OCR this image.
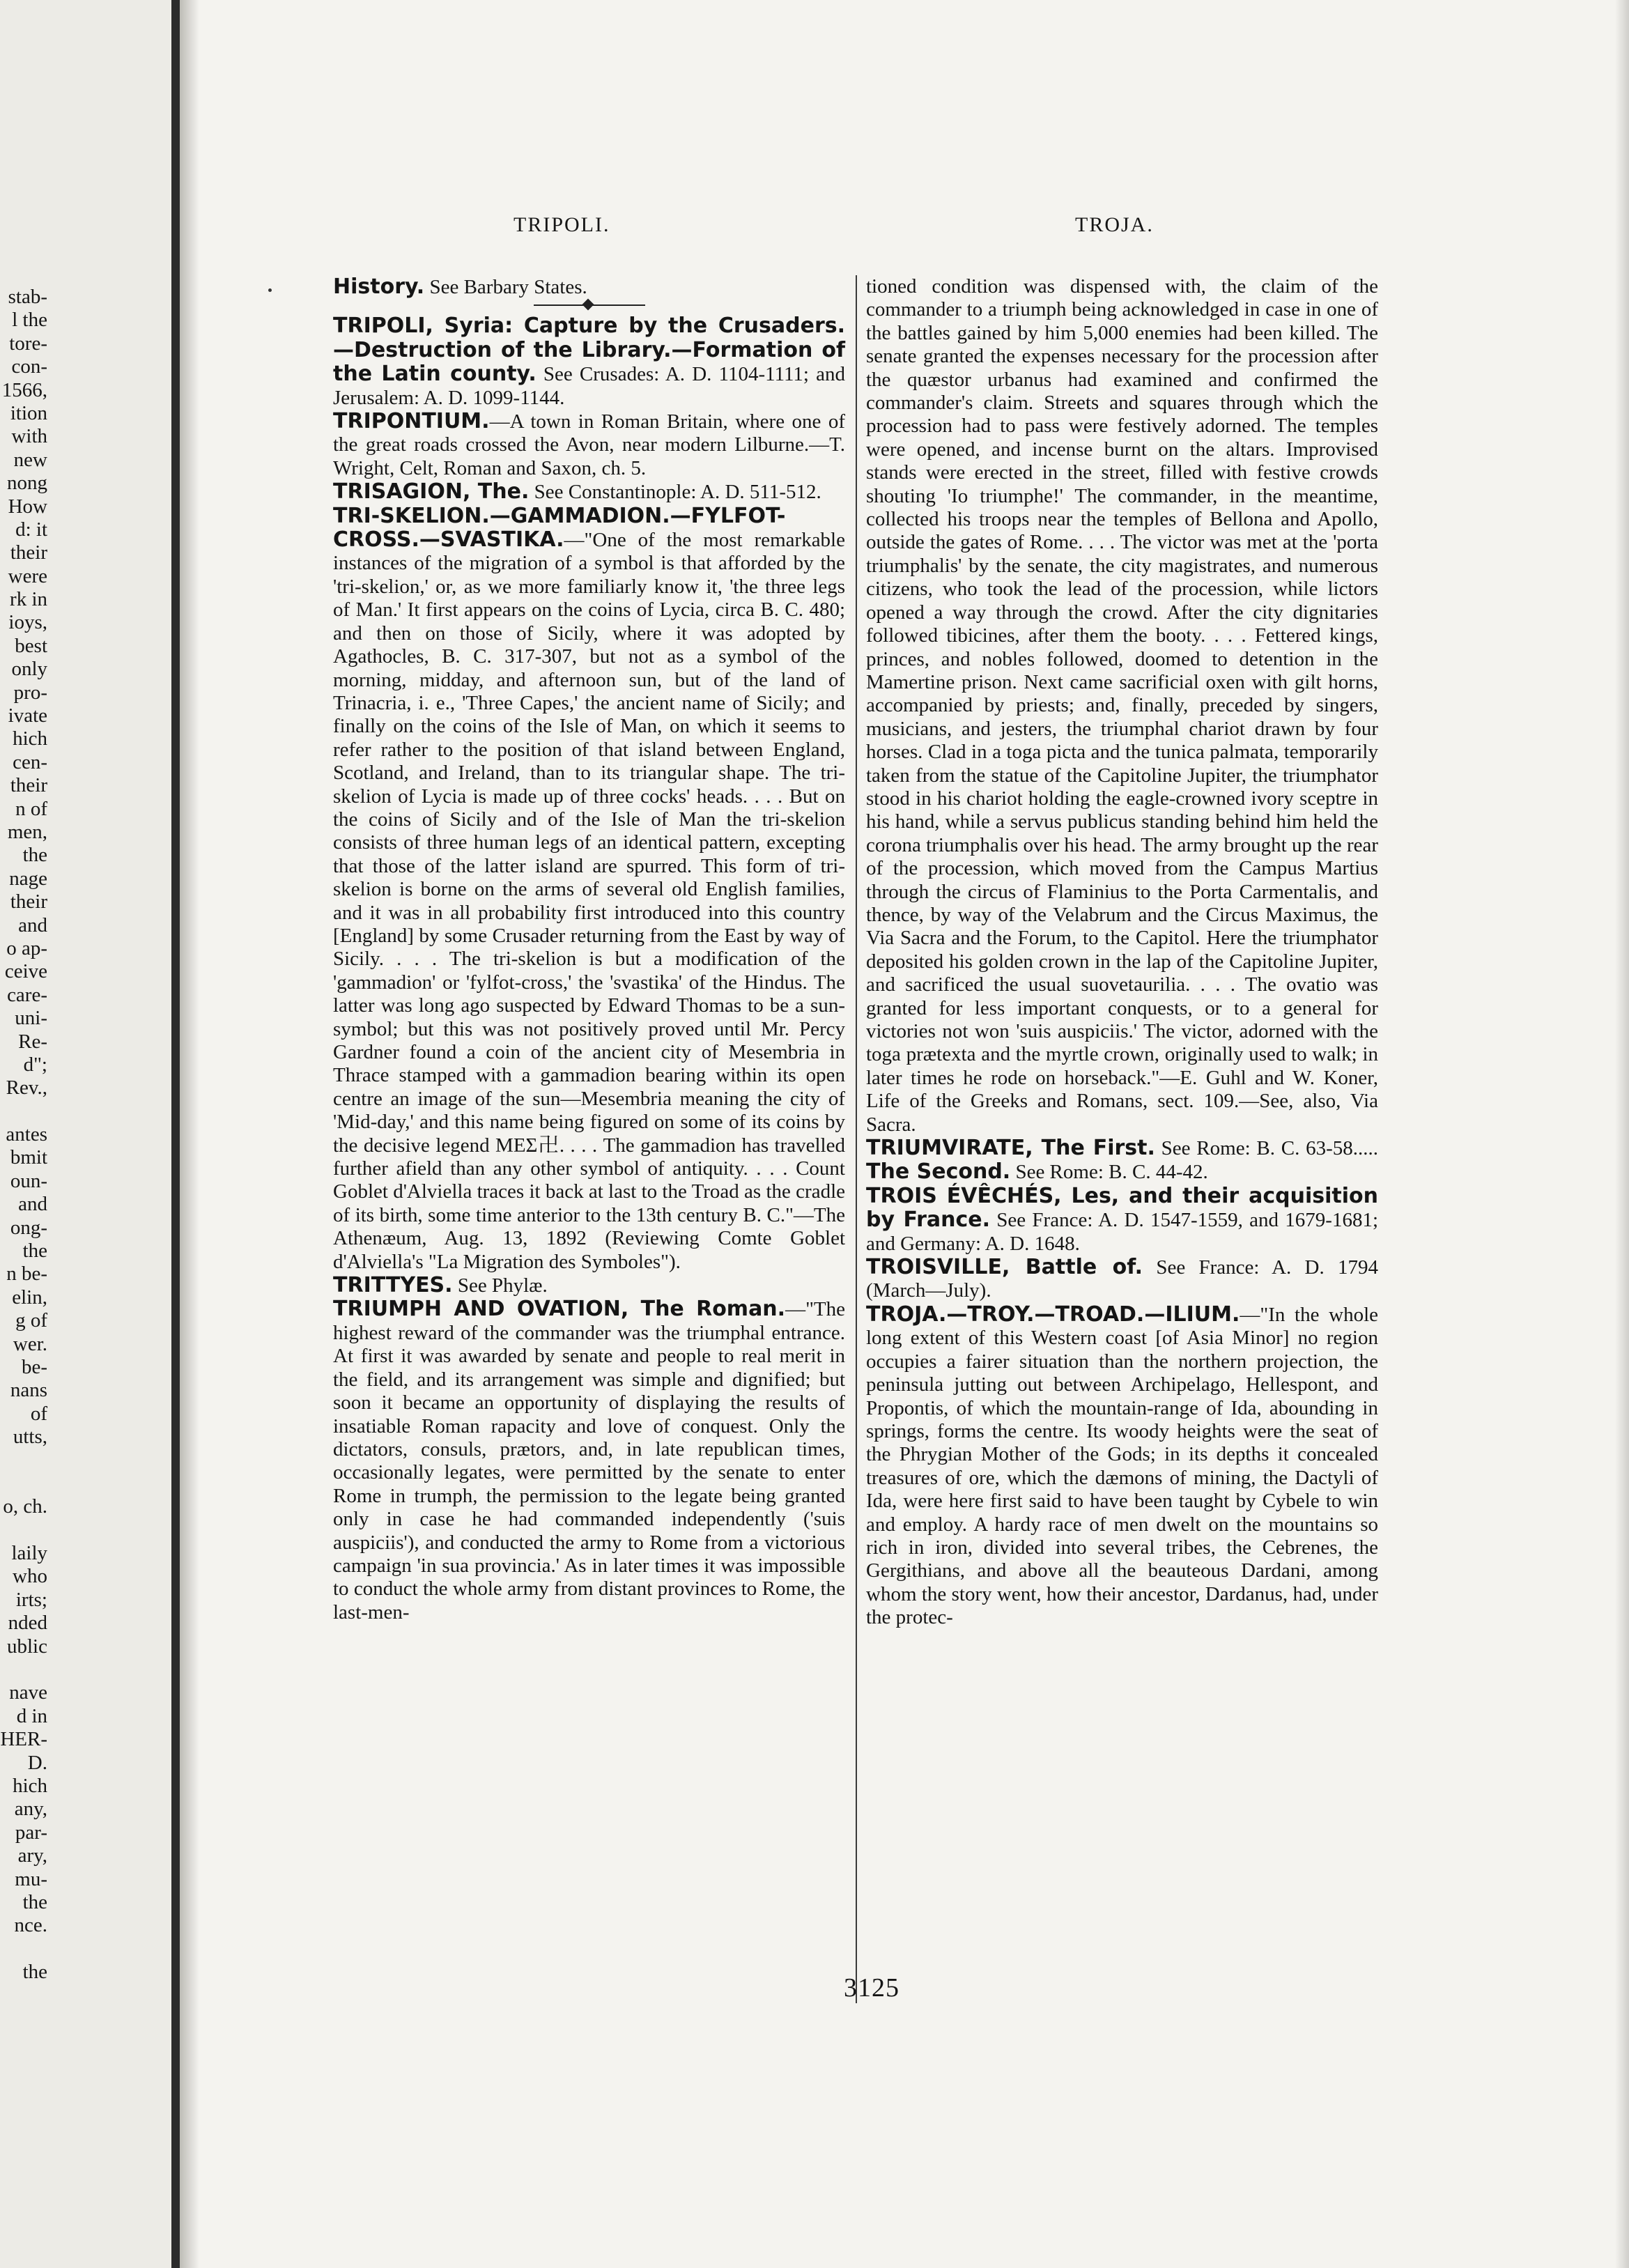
stab-
l the
tore-
con-
1566,
ition
with
new
nong
How
d: it
their
were
rk in
ioys,
best
only
pro-
ivate
hich
cen-
their
n of
men,
the
nage
their
and
o ap-
ceive
care-
uni-
Re-
d";
Rev.,
antes
bmit
oun-
and
ong-
the
n be-
elin,
g of
wer.
be-
nans
of
utts,
o, ch.
laily
who
irts;
nded
ublic
nave
d in
HER-
D.
hich
any,
par-
ary,
mu-
the
nce.
the
TRIPOLI.	TROJA.

History. See Barbary States.

TRIPOLI, Syria: Capture by the Crusaders.—Destruction of the Library.—Formation of the Latin county. See Crusades: A. D. 1104-1111; and Jerusalem: A. D. 1099-1144.

TRIPONTIUM.—A town in Roman Britain, where one of the great roads crossed the Avon, near modern Lilburne.—T. Wright, Celt, Roman and Saxon, ch. 5.

TRISAGION, The. See Constantinople: A. D. 511-512.

TRI-SKELION.—GAMMADION.—FYLFOT-CROSS.—SVASTIKA.—"One of the most remarkable instances of the migration of a symbol is that afforded by the 'tri-skelion,' or, as we more familiarly know it, 'the three legs of Man.' It first appears on the coins of Lycia, circa B. C. 480; and then on those of Sicily, where it was adopted by Agathocles, B. C. 317-307, but not as a symbol of the morning, midday, and afternoon sun, but of the land of Trinacria, i. e., 'Three Capes,' the ancient name of Sicily; and finally on the coins of the Isle of Man, on which it seems to refer rather to the position of that island between England, Scotland, and Ireland, than to its triangular shape. The tri-skelion of Lycia is made up of three cocks' heads. . . . But on the coins of Sicily and of the Isle of Man the tri-skelion consists of three human legs of an identical pattern, excepting that those of the latter island are spurred. This form of tri-skelion is borne on the arms of several old English families, and it was in all probability first introduced into this country [England] by some Crusader returning from the East by way of Sicily. . . . The tri-skelion is but a modification of the 'gammadion' or 'fylfot-cross,' the 'svastika' of the Hindus. The latter was long ago suspected by Edward Thomas to be a sun-symbol; but this was not positively proved until Mr. Percy Gardner found a coin of the ancient city of Mesembria in Thrace stamped with a gammadion bearing within its open centre an image of the sun—Mesembria meaning the city of 'Mid-day,' and this name being figured on some of its coins by the decisive legend ΜΕΣ卍. . . . The gammadion has travelled further afield than any other symbol of antiquity. . . . Count Goblet d'Alviella traces it back at last to the Troad as the cradle of its birth, some time anterior to the 13th century B. C."—The Athenæum, Aug. 13, 1892 (Reviewing Comte Goblet d'Alviella's "La Migration des Symboles").

TRITTYES. See Phylæ.

TRIUMPH AND OVATION, The Roman.—"The highest reward of the commander was the triumphal entrance. At first it was awarded by senate and people to real merit in the field, and its arrangement was simple and dignified; but soon it became an opportunity of displaying the results of insatiable Roman rapacity and love of conquest. Only the dictators, consuls, prætors, and, in late republican times, occasionally legates, were permitted by the senate to enter Rome in trumph, the permission to the legate being granted only in case he had commanded independently ('suis auspiciis'), and conducted the army to Rome from a victorious campaign 'in sua provincia.' As in later times it was impossible to conduct the whole army from distant provinces to Rome, the last-men-

tioned condition was dispensed with, the claim of the commander to a triumph being acknowledged in case in one of the battles gained by him 5,000 enemies had been killed. The senate granted the expenses necessary for the procession after the quæstor urbanus had examined and confirmed the commander's claim. Streets and squares through which the procession had to pass were festively adorned. The temples were opened, and incense burnt on the altars. Improvised stands were erected in the street, filled with festive crowds shouting 'Io triumphe!' The commander, in the meantime, collected his troops near the temples of Bellona and Apollo, outside the gates of Rome. . . . The victor was met at the 'porta triumphalis' by the senate, the city magistrates, and numerous citizens, who took the lead of the procession, while lictors opened a way through the crowd. After the city dignitaries followed tibicines, after them the booty. . . . Fettered kings, princes, and nobles followed, doomed to detention in the Mamertine prison. Next came sacrificial oxen with gilt horns, accompanied by priests; and, finally, preceded by singers, musicians, and jesters, the triumphal chariot drawn by four horses. Clad in a toga picta and the tunica palmata, temporarily taken from the statue of the Capitoline Jupiter, the triumphator stood in his chariot holding the eagle-crowned ivory sceptre in his hand, while a servus publicus standing behind him held the corona triumphalis over his head. The army brought up the rear of the procession, which moved from the Campus Martius through the circus of Flaminius to the Porta Carmentalis, and thence, by way of the Velabrum and the Circus Maximus, the Via Sacra and the Forum, to the Capitol. Here the triumphator deposited his golden crown in the lap of the Capitoline Jupiter, and sacrificed the usual suovetaurilia. . . . The ovatio was granted for less important conquests, or to a general for victories not won 'suis auspiciis.' The victor, adorned with the toga prætexta and the myrtle crown, originally used to walk; in later times he rode on horseback."—E. Guhl and W. Koner, Life of the Greeks and Romans, sect. 109.—See, also, Via Sacra.

TRIUMVIRATE, The First. See Rome: B. C. 63-58..... The Second. See Rome: B. C. 44-42.

TROIS ÉVÊCHÉS, Les, and their acquisition by France. See France: A. D. 1547-1559, and 1679-1681; and Germany: A. D. 1648.

TROISVILLE, Battle of. See France: A. D. 1794 (March—July).

TROJA.—TROY.—TROAD.—ILIUM.—"In the whole long extent of this Western coast [of Asia Minor] no region occupies a fairer situation than the northern projection, the peninsula jutting out between Archipelago, Hellespont, and Propontis, of which the mountain-range of Ida, abounding in springs, forms the centre. Its woody heights were the seat of the Phrygian Mother of the Gods; in its depths it concealed treasures of ore, which the dæmons of mining, the Dactyli of Ida, were here first said to have been taught by Cybele to win and employ. A hardy race of men dwelt on the mountains so rich in iron, divided into several tribes, the Cebrenes, the Gergithians, and above all the beauteous Dardani, among whom the story went, how their ancestor, Dardanus, had, under the protec-

3125
